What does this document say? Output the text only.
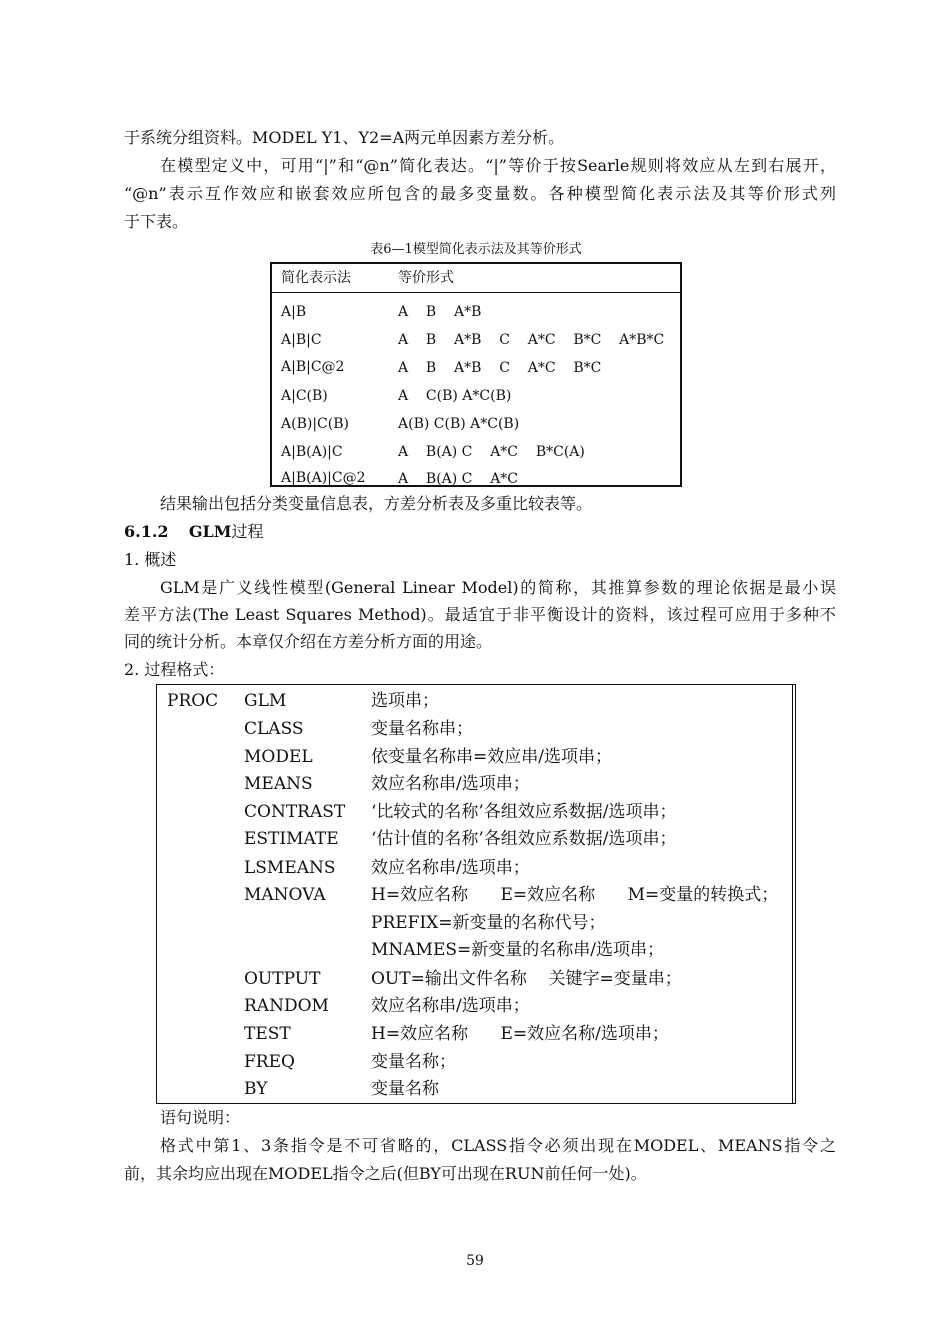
于系统分组资料。MODEL Y1、Y2=A两元单因素方差分析。
在模型定义中，可用“|”和“@n”简化表达。“|”等价于按Searle规则将效应从左到右展开，
“@n”表示互作效应和嵌套效应所包含的最多变量数。各种模型简化表示法及其等价形式列
于下表。
表6—1模型简化表示法及其等价形式
简化表示法	等价形式
A|B	A    B    A*B
A|B|C	A    B    A*B    C    A*C    B*C    A*B*C
A|B|C@2	A    B    A*B    C    A*C    B*C
A|C(B)	A    C(B) A*C(B)
A(B)|C(B)	A(B) C(B) A*C(B)
A|B(A)|C	A    B(A) C    A*C    B*C(A)
A|B(A)|C@2 A    B(A) C    A*C
结果输出包括分类变量信息表，方差分析表及多重比较表等。
6.1.2 GLM过程
1. 概述
GLM是广义线性模型(General Linear Model)的简称，其推算参数的理论依据是最小误
差平方法(The Least Squares Method)。最适宜于非平衡设计的资料，该过程可应用于多种不
同的统计分析。本章仅介绍在方差分析方面的用途。
2. 过程格式：
PROC GLM	选项串；
CLASS	变量名称串；
MODEL	依变量名称串=效应串/选项串；
MEANS	效应名称串/选项串；
CONTRAST ‘比较式的名称’各组效应系数据/选项串；
ESTIMATE ‘估计值的名称’各组效应系数据/选项串；
LSMEANS 效应名称串/选项串；
MANOVA	H=效应名称      E=效应名称      M=变量的转换式；
PREFIX=新变量的名称代号；
MNAMES=新变量的名称串/选项串；
OUTPUT	OUT=输出文件名称    关键字=变量串；
RANDOM 效应名称串/选项串；
TEST	H=效应名称      E=效应名称/选项串；
FREQ	变量名称；
BY	变量名称
语句说明：
格式中第1、3条指令是不可省略的，CLASS指令必须出现在MODEL、MEANS指令之
前，其余均应出现在MODEL指令之后(但BY可出现在RUN前任何一处)。
59
